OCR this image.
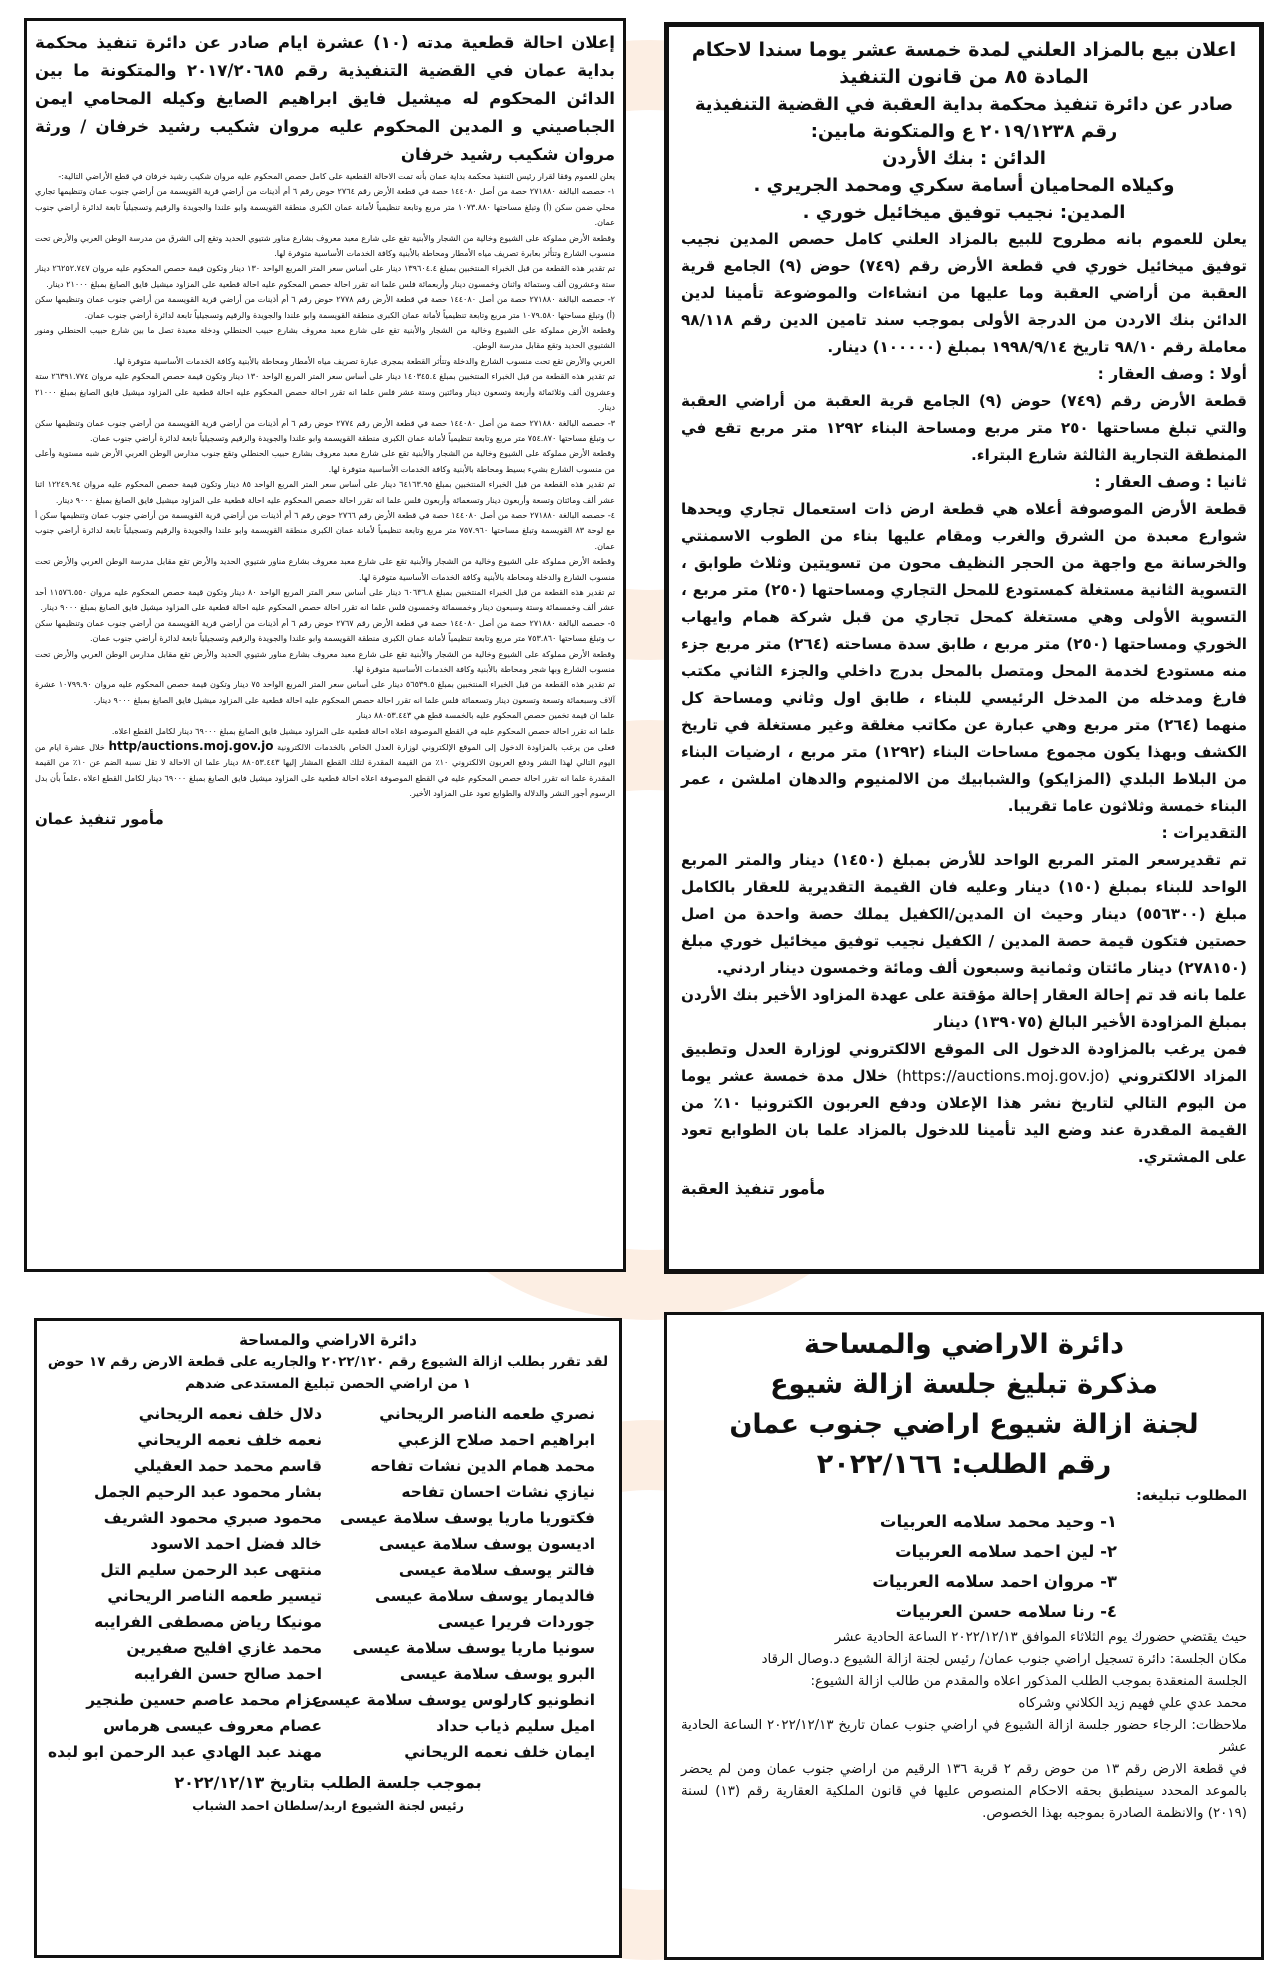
اعلان بيع بالمزاد العلني لمدة خمسة عشر يوما سندا لاحكام المادة ٨٥ من قانون التنفيذ
صادر عن دائرة تنفيذ محكمة بداية العقبة في القضية التنفيذية رقم ٢٠١٩/١٢٣٨ ع والمتكونة مابين:
الدائن : بنك الأردن
وكيلاه المحاميان أسامة سكري ومحمد الجريري .
المدين: نجيب توفيق ميخائيل خوري .

يعلن للعموم بانه مطروح للبيع بالمزاد العلني كامل حصص المدين نجيب توفيق ميخائيل خوري في قطعة الأرض رقم (٧٤٩) حوض (٩) الجامع قرية العقبة من أراضي العقبة وما عليها من انشاءات والموضوعة تأمينا لدين الدائن بنك الاردن من الدرجة الأولى بموجب سند تامين الدين رقم ٩٨/١١٨ معاملة رقم ٩٨/١٠ تاريخ ١٩٩٨/٩/١٤ بمبلغ (١٠٠٠٠٠) دينار.

أولا : وصف العقار :

قطعة الأرض رقم (٧٤٩) حوض (٩) الجامع قرية العقبة من أراضي العقبة والتي تبلغ مساحتها ٢٥٠ متر مربع ومساحة البناء ١٢٩٢ متر مربع تقع في المنطقة التجارية الثالثة شارع البتراء.

ثانيا : وصف العقار :

قطعة الأرض الموصوفة أعلاه هي قطعة ارض ذات استعمال تجاري ويحدها شوارع معبدة من الشرق والغرب ومقام عليها بناء من الطوب الاسمنتي والخرسانة مع واجهة من الحجر النظيف محون من تسويتين وثلاث طوابق ، التسوية الثانية مستغلة كمستودع للمحل التجاري ومساحتها (٢٥٠) متر مربع ، التسوية الأولى وهي مستغلة كمحل تجاري من قبل شركة همام وايهاب الخوري ومساحتها (٢٥٠) متر مربع ، طابق سدة مساحته (٢٦٤) متر مربع جزء منه مستودع لخدمة المحل ومتصل بالمحل بدرج داخلي والجزء الثاني مكتب فارغ ومدخله من المدخل الرئيسي للبناء ، طابق اول وثاني ومساحة كل منهما (٢٦٤) متر مربع وهي عبارة عن مكاتب مغلقة وغير مستغلة في تاريخ الكشف وبهذا يكون مجموع مساحات البناء (١٢٩٢) متر مربع ، ارضيات البناء من البلاط البلدي (المزايكو) والشبابيك من الالمنيوم والدهان املشن ، عمر البناء خمسة وثلاثون عاما تقريبا.

التقديرات :

تم تقديرسعر المتر المربع الواحد للأرض بمبلغ (١٤٥٠) دينار والمتر المربع الواحد للبناء بمبلغ (١٥٠) دينار وعليه فان القيمة التقديرية للعقار بالكامل مبلغ (٥٥٦٣٠٠) دينار وحيث ان المدين/الكفيل يملك حصة واحدة من اصل حصتين فتكون قيمة حصة المدين / الكفيل نجيب توفيق ميخائيل خوري مبلغ (٢٧٨١٥٠) دينار مائتان وثمانية وسبعون ألف ومائة وخمسون دينار اردني.

علما بانه قد تم إحالة العقار إحالة مؤقتة على عهدة المزاود الأخير بنك الأردن بمبلغ المزاودة الأخير البالغ (١٣٩٠٧٥) دينار

فمن يرغب بالمزاودة الدخول الى الموقع الالكتروني لوزارة العدل وتطبيق المزاد الالكتروني (https://auctions.moj.gov.jo) خلال مدة خمسة عشر يوما من اليوم التالي لتاريخ نشر هذا الإعلان ودفع العربون الكترونيا ١٠٪ من القيمة المقدرة عند وضع اليد تأمينا للدخول بالمزاد علما بان الطوابع تعود على المشتري.

مأمور تنفيذ العقبة
إعلان احالة قطعية مدته (١٠) عشرة ايام صادر عن دائرة تنفيذ محكمة بداية عمان في القضية التنفيذية رقم ٢٠١٧/٢٠٦٨٥ والمتكونة ما بين الدائن المحكوم له ميشيل فايق ابراهيم الصايغ وكيله المحامي ايمن الجباصيني و المدين المحكوم عليه مروان شكيب رشيد خرفان / ورثة مروان شكيب رشيد خرفان

يعلن للعموم وفقا لقرار رئيس التنفيذ محكمة بداية عمان بأنه تمت الاحالة القطعية على كامل حصص المحكوم عليه مروان شكيب رشيد خرفان في قطع الأراضي التالية:-

١- حصصه البالغة ٢٧١٨٨٠ حصة من أصل ١٤٤٠٨٠ حصة في قطعة الأرض رقم ٢٧٦٤ حوض رقم ٦ أم أذينات من أراضي قرية القويسمة من أراضي جنوب عمان وتنظيمها تجاري محلي ضمن سكن (أ) وتبلغ مساحتها ١٠٧٣.٨٨٠ متر مربع وتابعة تنظيمياً لأمانة عمان الكبرى منطقة القويسمة وابو علندا والجويدة والرقيم وتسجيلياً تابعة لدائرة أراضي جنوب عمان.

وقطعة الأرض مملوكة على الشيوع وخالية من الشجار والأبنية تقع على شارع معبد معروف بشارع مناور شتيوي الحديد وتقع إلى الشرق من مدرسة الوطن العربي والأرض تحت منسوب الشارع وتتأثر بعابرة تصريف مياه الأمطار ومحاطة بالأبنية وكافة الخدمات الأساسية متوفرة لها.

تم تقدير هذه القطعة من قبل الخبراء المنتخبين بمبلغ ١٣٩٦٠٤.٤ دينار على أساس سعر المتر المربع الواحد ١٣٠ دينار وتكون قيمة حصص المحكوم عليه مروان ٢٦٢٥٢.٧٤٧ دينار ستة وعشرون ألف وستمائة واثنان وخمسون دينار وأربعمائة فلس علما انه تقرر احالة حصص المحكوم عليه احالة قطعية على المزاود ميشيل فايق الصايغ بمبلغ ٢١٠٠٠ دينار.

٢- حصصه البالغة ٢٧١٨٨٠ حصة من أصل ١٤٤٠٨٠ حصة في قطعة الأرض رقم ٢٧٧٨ حوض رقم ٦ أم أذينات من أراضي قرية القويسمة من أراضي جنوب عمان وتنظيمها سكن (أ) وتبلغ مساحتها ١٠٧٩.٥٨٠ متر مربع وتابعة تنظيمياً لأمانة عمان الكبرى منطقة القويسمة وابو علندا والجويدة والرقيم وتسجيلياً تابعة لدائرة أراضي جنوب عمان.

وقطعة الأرض مملوكة على الشيوع وخالية من الشجار والأبنية تقع على شارع معبد معروف بشارع حبيب الحنطلي ودخلة معبدة تصل ما بين شارع حبيب الحنطلي ومنور الشتيوي الحديد وتقع مقابل مدرسة الوطن.

العربي والأرض تقع تحت منسوب الشارع والدخلة وتتأثر القطعة بمجرى عبارة تصريف مياه الأمطار ومحاطة بالأبنية وكافة الخدمات الأساسية متوفرة لها.

تم تقدير هذه القطعة من قبل الخبراء المنتخبين بمبلغ ١٤٠٣٤٥.٤ دينار على أساس سعر المتر المربع الواحد ١٣٠ دينار وتكون قيمة حصص المحكوم عليه مروان ٢٦٣٩١.٧٧٤ ستة وعشرون ألف وثلاثمائة وأربعة وتسعون دينار ومائتين وستة عشر فلس علما انه تقرر احالة حصص المحكوم عليه احالة قطعية على المزاود ميشيل فايق الصايغ بمبلغ ٢١٠٠٠ دينار.

٣- حصصه البالغة ٢٧١٨٨٠ حصة من أصل ١٤٤٠٨٠ حصة في قطعة الأرض رقم ٢٧٧٤ حوض رقم ٦ أم أذينات من أراضي قرية القويسمة من أراضي جنوب عمان وتنظيمها سكن ب وتبلغ مساحتها ٧٥٤.٨٧٠ متر مربع وتابعة تنظيمياً لأمانة عمان الكبرى منطقة القويسمة وابو علندا والجويدة والرقيم وتسجيلياً تابعة لدائرة أراضي جنوب عمان.

وقطعة الأرض مملوكة على الشيوع وخالية من الشجار والأبنية تقع على شارع معبد معروف بشارع حبيب الحنطلي وتقع جنوب مدارس الوطن العربي الأرض شبه مستوية وأعلى من منسوب الشارع بشيء بسيط ومحاطة بالأبنية وكافة الخدمات الأساسية متوفرة لها.

تم تقدير هذه القطعة من قبل الخبراء المنتخبين بمبلغ ٦٤١٦٣.٩٥ دينار على أساس سعر المتر المربع الواحد ٨٥ دينار وتكون قيمة حصص المحكوم عليه مروان ١٢٢٤٩.٩٤ اثنا عشر ألف ومائتان وتسعة وأربعون دينار وتسعمائة وأربعون فلس علما انه تقرر احالة حصص المحكوم عليه احالة قطعية على المزاود ميشيل فايق الصايغ بمبلغ ٩٠٠٠ دينار.

٤- حصصه البالغة ٢٧١٨٨٠ حصة من أصل ١٤٤٠٨٠ حصة في قطعة الأرض رقم ٢٧٦٦ حوض رقم ٦ أم أذينات من أراضي قرية القويسمة من أراضي جنوب عمان وتنظيمها سكن أ مع لوحة ٨٣ القويسمة وتبلغ مساحتها ٧٥٧.٩٦٠ متر مربع وتابعة تنظيمياً لأمانة عمان الكبرى منطقة القويسمة وابو علندا والجويدة والرقيم وتسجيلياً تابعة لدائرة أراضي جنوب عمان.

وقطعة الأرض مملوكة على الشيوع وخالية من الشجار والأبنية تقع على شارع معبد معروف بشارع مناور شتيوي الحديد والأرض تقع مقابل مدرسة الوطن العربي والأرض تحت منسوب الشارع والدخلة ومحاطة بالأبنية وكافة الخدمات الأساسية متوفرة لها.

تم تقدير هذه القطعة من قبل الخبراء المنتخبين بمبلغ ٦٠٦٣٦.٨ دينار على أساس سعر المتر المربع الواحد ٨٠ دينار وتكون قيمة حصص المحكوم عليه مروان ١١٥٧٦.٥٥٠ أحد عشر ألف وخمسمائة وستة وسبعون دينار وخمسمائة وخمسون فلس علما انه تقرر احالة حصص المحكوم عليه احالة قطعية على المزاود ميشيل فايق الصايغ بمبلغ ٩٠٠٠ دينار.

٥- حصصه البالغة ٢٧١٨٨٠ حصة من أصل ١٤٤٠٨٠ حصة في قطعة الأرض رقم ٢٧٦٧ حوض رقم ٦ أم أذينات من أراضي قرية القويسمة من أراضي جنوب عمان وتنظيمها سكن ب وتبلغ مساحتها ٧٥٣.٨٦٠ متر مربع وتابعة تنظيمياً لأمانة عمان الكبرى منطقة القويسمة وابو علندا والجويدة والرقيم وتسجيلياً تابعة لدائرة أراضي جنوب عمان.

وقطعة الأرض مملوكة على الشيوع وخالية من الشجار والأبنية تقع على شارع معبد معروف بشارع مناور شتيوي الحديد والأرض تقع مقابل مدارس الوطن العربي والأرض تحت منسوب الشارع وبها شجر ومحاطة بالأبنية وكافة الخدمات الأساسية متوفرة لها.

تم تقدير هذه القطعة من قبل الخبراء المنتخبين بمبلغ ٥٦٥٣٩.٥ دينار على أساس سعر المتر المربع الواحد ٧٥ دينار وتكون قيمة حصص المحكوم عليه مروان ١٠٧٩٩.٩٠ عشرة آلاف وسبعمائة وتسعة وتسعون دينار وتسعمائة فلس علما انه تقرر احالة حصص المحكوم عليه احالة قطعية على المزاود ميشيل فايق الصايغ بمبلغ ٩٠٠٠ دينار.

علما ان قيمة تخمين حصص المحكوم عليه بالخمسة قطع هي ٨٨٠٥٣.٤٤٣ دينار

علما انه تقرر احالة حصص المحكوم عليه في القطع الموصوفة اعلاه احالة قطعية على المزاود ميشيل فايق الصايغ بمبلغ ٦٩٠٠٠ دينار لكامل القطع اعلاه.

فعلى من يرغب بالمزاودة الدخول إلى الموقع الإلكتروني لوزارة العدل الخاص بالخدمات الالكترونية http/auctions.moj.gov.jo خلال عشرة ايام من اليوم التالي لهذا النشر ودفع العربون الالكتروني ١٠٪ من القيمة المقدرة لتلك القطع المشار إليها ٨٨٠٥٣.٤٤٣ دينار علما ان الاحالة لا تقل نسبة الضم عن ١٠٪ من القيمة المقدرة علما انه تقرر احالة حصص المحكوم عليه في القطع الموصوفة اعلاه احالة قطعية على المزاود ميشيل فايق الصايغ بمبلغ ٦٩٠٠٠ دينار لكامل القطع اعلاه ،علماً بأن بدل الرسوم أجور النشر والدلالة والطوابع تعود على المزاود الأخير.

مأمور تنفيذ عمان
دائرة الاراضي والمساحة
مذكرة تبليغ جلسة ازالة شيوع
لجنة ازالة شيوع اراضي جنوب عمان
رقم الطلب: ٢٠٢٢/١٦٦
المطلوب تبليغه:
١- وحيد محمد سلامه العربيات
٢- لين احمد سلامه العربيات
٣- مروان احمد سلامه العربيات
٤- رنا سلامه حسن العربيات

حيث يقتضي حضورك يوم الثلاثاء الموافق ٢٠٢٢/١٢/١٣ الساعة الحادية عشر

مكان الجلسة: دائرة تسجيل اراضي جنوب عمان/ رئيس لجنة ازالة الشيوع د.وصال الرقاد

الجلسة المنعقدة بموجب الطلب المذكور اعلاه والمقدم من طالب ازالة الشيوع:

محمد عدي علي فهيم زيد الكلاني وشركاه

ملاحظات: الرجاء حضور جلسة ازالة الشيوع في اراضي جنوب عمان تاريخ ٢٠٢٢/١٢/١٣ الساعة الحادية عشر

في قطعة الارض رقم ١٣ من حوض رقم ٢ قرية ١٣٦ الرقيم من اراضي جنوب عمان ومن لم يحضر بالموعد المحدد سينطبق بحقه الاحكام المنصوص عليها في قانون الملكية العقارية رقم (١٣) لسنة (٢٠١٩) والانظمة الصادرة بموجبه بهذا الخصوص.

دائرة الاراضي والمساحة
لقد تقرر بطلب ازالة الشيوع رقم ٢٠٢٢/١٢٠ والجاريه على قطعة الارض رقم ١٧ حوض ١ من اراضي الحصن تبليغ المستدعى ضدهم
نصري طعمه الناصر الريحاني
ابراهيم احمد صلاح الزعبي
محمد همام الدين نشات تفاحه
نيازي نشات احسان تفاحه
فكتوريا ماريا يوسف سلامة عيسى
اديسون يوسف سلامة عيسى
فالتر يوسف سلامة عيسى
فالديمار يوسف سلامة عيسى
جوردات فريرا عيسى
سونيا ماريا يوسف سلامة عيسى
البرو يوسف سلامة عيسى
انطونيو كارلوس يوسف سلامة عيسى
اميل سليم ذياب حداد
ايمان خلف نعمه الريحاني
دلال خلف نعمه الريحاني
نعمه خلف نعمه الريحاني
قاسم محمد حمد العقيلي
بشار محمود عبد الرحيم الجمل
محمود صبري محمود الشريف
خالد فضل احمد الاسود
منتهى عبد الرحمن سليم التل
تيسير طعمه الناصر الريحاني
مونيكا رياض مصطفى الفرايبه
محمد غازي افليح صفيرين
احمد صالح حسن الفرايبه
عزام محمد عاصم حسين طنجير
عصام معروف عيسى هرماس
مهند عبد الهادي عبد الرحمن ابو لبده
بموجب جلسة الطلب بتاريخ ٢٠٢٢/١٢/١٣
رئيس لجنة الشيوع اربد/سلطان احمد الشباب
